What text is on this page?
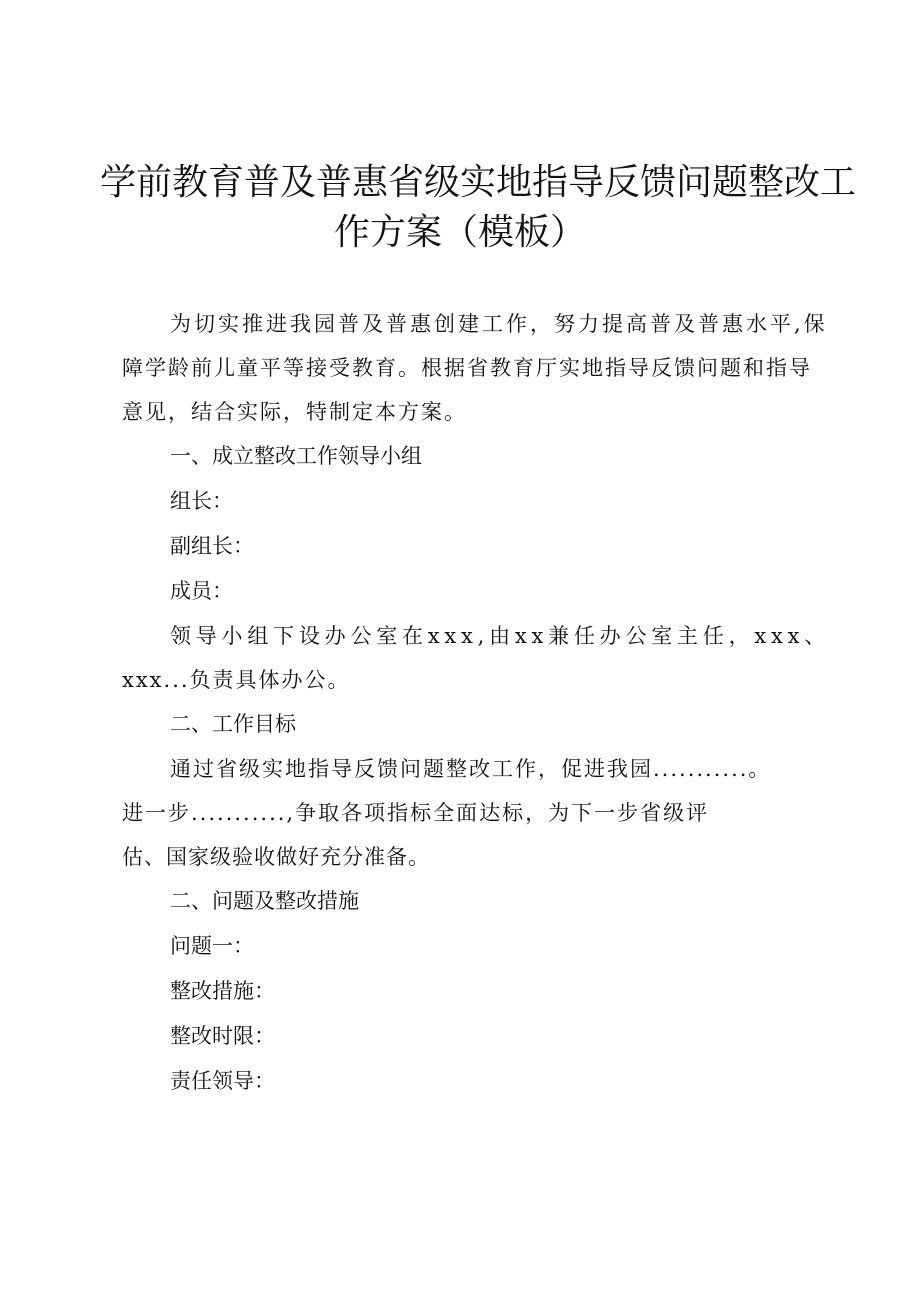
学前教育普及普惠省级实地指导反馈问题整改工
作方案（模板）
为切实推进我园普及普惠创建工作，努力提高普及普惠水平,保
障学龄前儿童平等接受教育。根据省教育厅实地指导反馈问题和指导
意见，结合实际，特制定本方案。
一、成立整改工作领导小组
组长：
副组长：
成员：
领导小组下设办公室在xxx,由xx兼任办公室主任，xxx、
xxx...负责具体办公。
二、工作目标
通过省级实地指导反馈问题整改工作，促进我园...........。
进一步...........,争取各项指标全面达标，为下一步省级评
估、国家级验收做好充分准备。
二、问题及整改措施
问题一：
整改措施：
整改时限：
责任领导：
